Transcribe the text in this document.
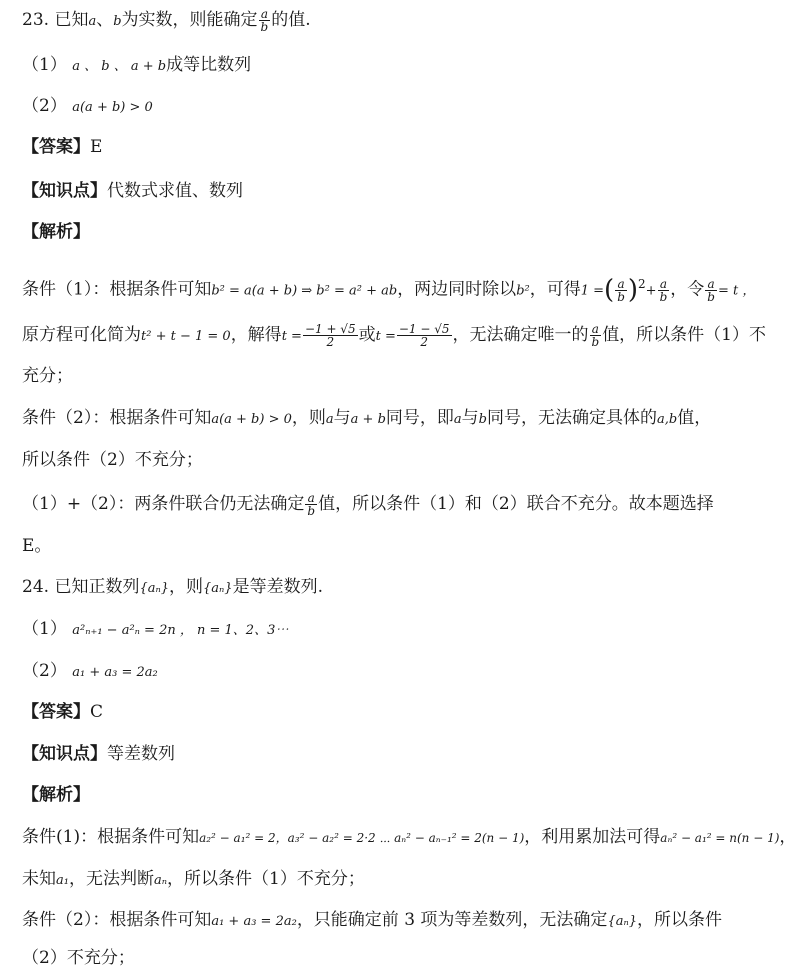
23. 已知a、b为实数，则能确定 $\frac{a}{b}$ 的值.
（1） a 、 b 、 a + b成等比数列
（2） a(a + b) > 0
【答案】E
【知识点】代数式求值、数列
【解析】
条件（1）：根据条件可知b² = a(a + b) ⇒ b² = a² + ab，两边同时除以b²，可得1 =( $\frac{a}{b} )^2+ \frac{a}{b}$ ，令 $\frac{a}{b} = t$ ，
原方程可化简为t² + t − 1 = 0，解得$t = \frac{-1 + √5}{2}$ 或$t = \frac{-1 - √5}{2}$ ，无法确定唯一的 $\frac{a}{b}$ 值，所以条件（1）不
充分；
条件（2）：根据条件可知a(a + b) > 0，则a与a + b同号，即a与b同号，无法确定具体的a,b值，
所以条件（2）不充分；
（1）+（2）：两条件联合仍无法确定 $\frac{a}{b}$ 值，所以条件（1）和（2）联合不充分。故本题选择
E。
24. 已知正数列{aₙ}，则{aₙ}是等差数列.
（1） a²ₙ₊₁ − a²ₙ = 2n ， n = 1、2、3⋯
（2） a₁ + a₃ = 2a₂
【答案】C
【知识点】等差数列
【解析】
条件(1)：根据条件可知a₂² − a₁² = 2，a₃² − a₂² = 2·2 ⋯ aₙ² − aₙ₋₁² = 2(n − 1)，利用累加法可得aₙ² − a₁² = n(n − 1)，
未知a₁，无法判断aₙ，所以条件（1）不充分；
条件（2）：根据条件可知a₁ + a₃ = 2a₂，只能确定前 3 项为等差数列，无法确定{aₙ}，所以条件
（2）不充分；
